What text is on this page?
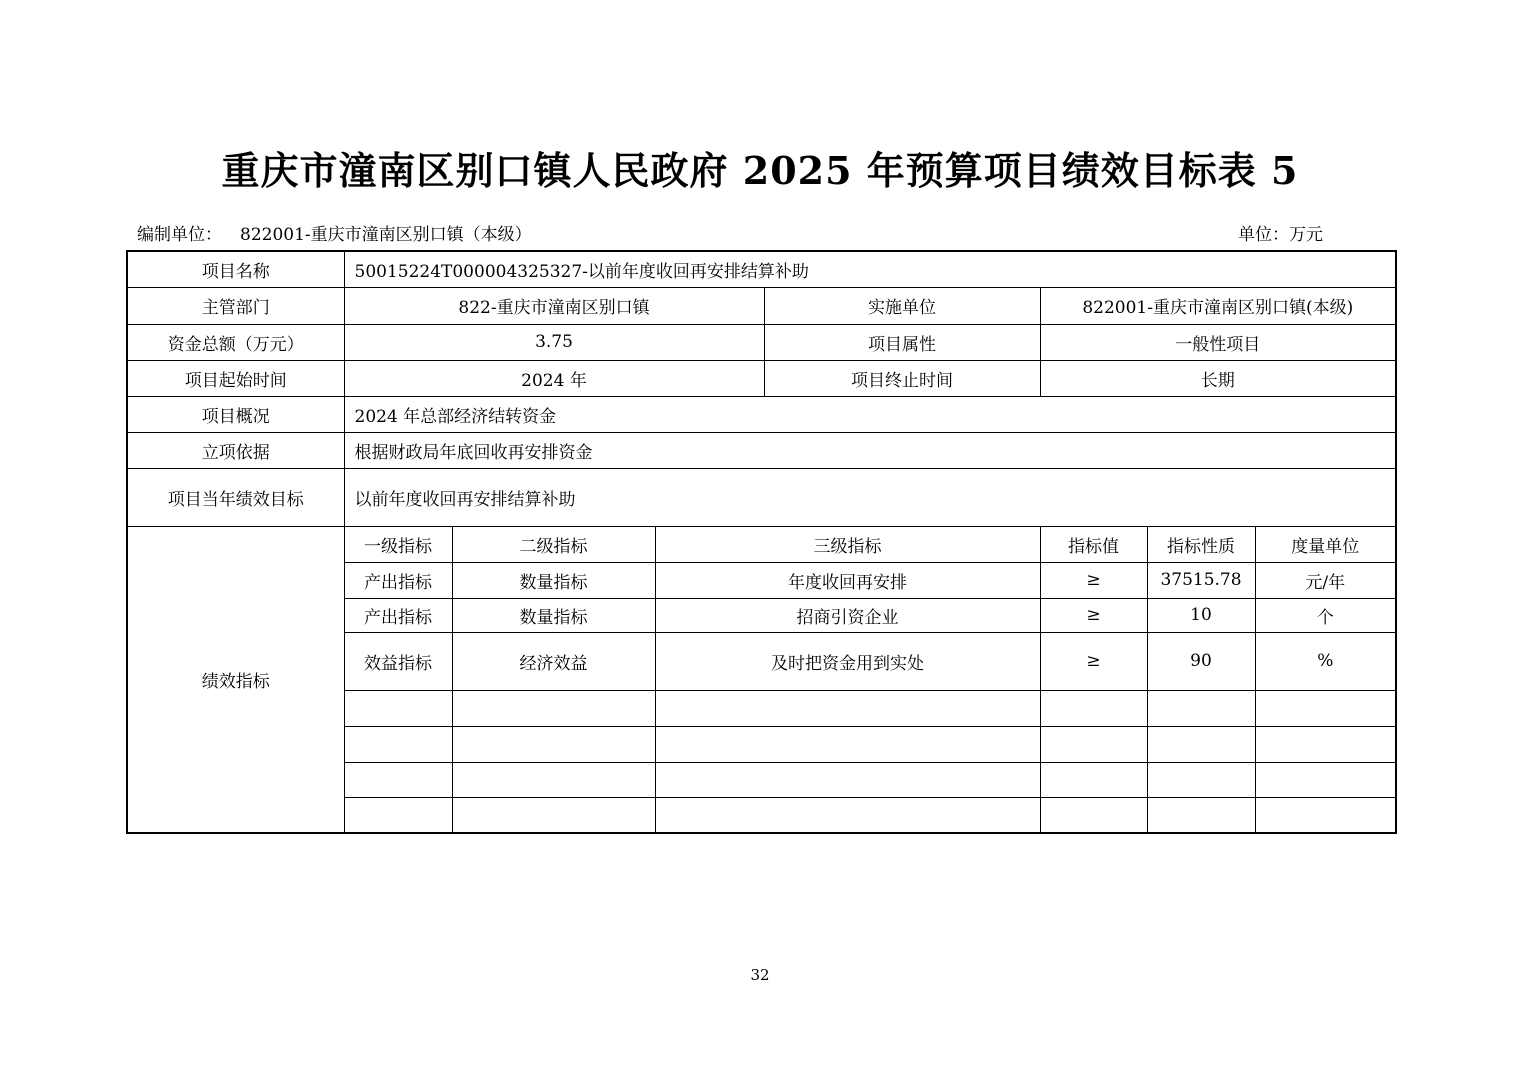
重庆市潼南区别口镇人民政府 2025 年预算项目绩效目标表 5
编制单位： 822001-重庆市潼南区别口镇（本级）	单位：万元
项目名称	50015224T000004325327-以前年度收回再安排结算补助						
主管部门	822-重庆市潼南区别口镇			实施单位	822001-重庆市潼南区别口镇(本级)		
资金总额（万元）	3.75			项目属性	一般性项目		
项目起始时间	2024 年			项目终止时间	长期		
项目概况	2024 年总部经济结转资金						
立项依据	根据财政局年底回收再安排资金						
项目当年绩效目标	以前年度收回再安排结算补助						
绩效指标	一级指标	二级指标	三级指标		指标值	指标性质	度量单位
	产出指标	数量指标	年度收回再安排		≥	37515.78	元/年
	产出指标	数量指标	招商引资企业		≥	10	个
	效益指标	经济效益	及时把资金用到实处		≥	90	%

32
